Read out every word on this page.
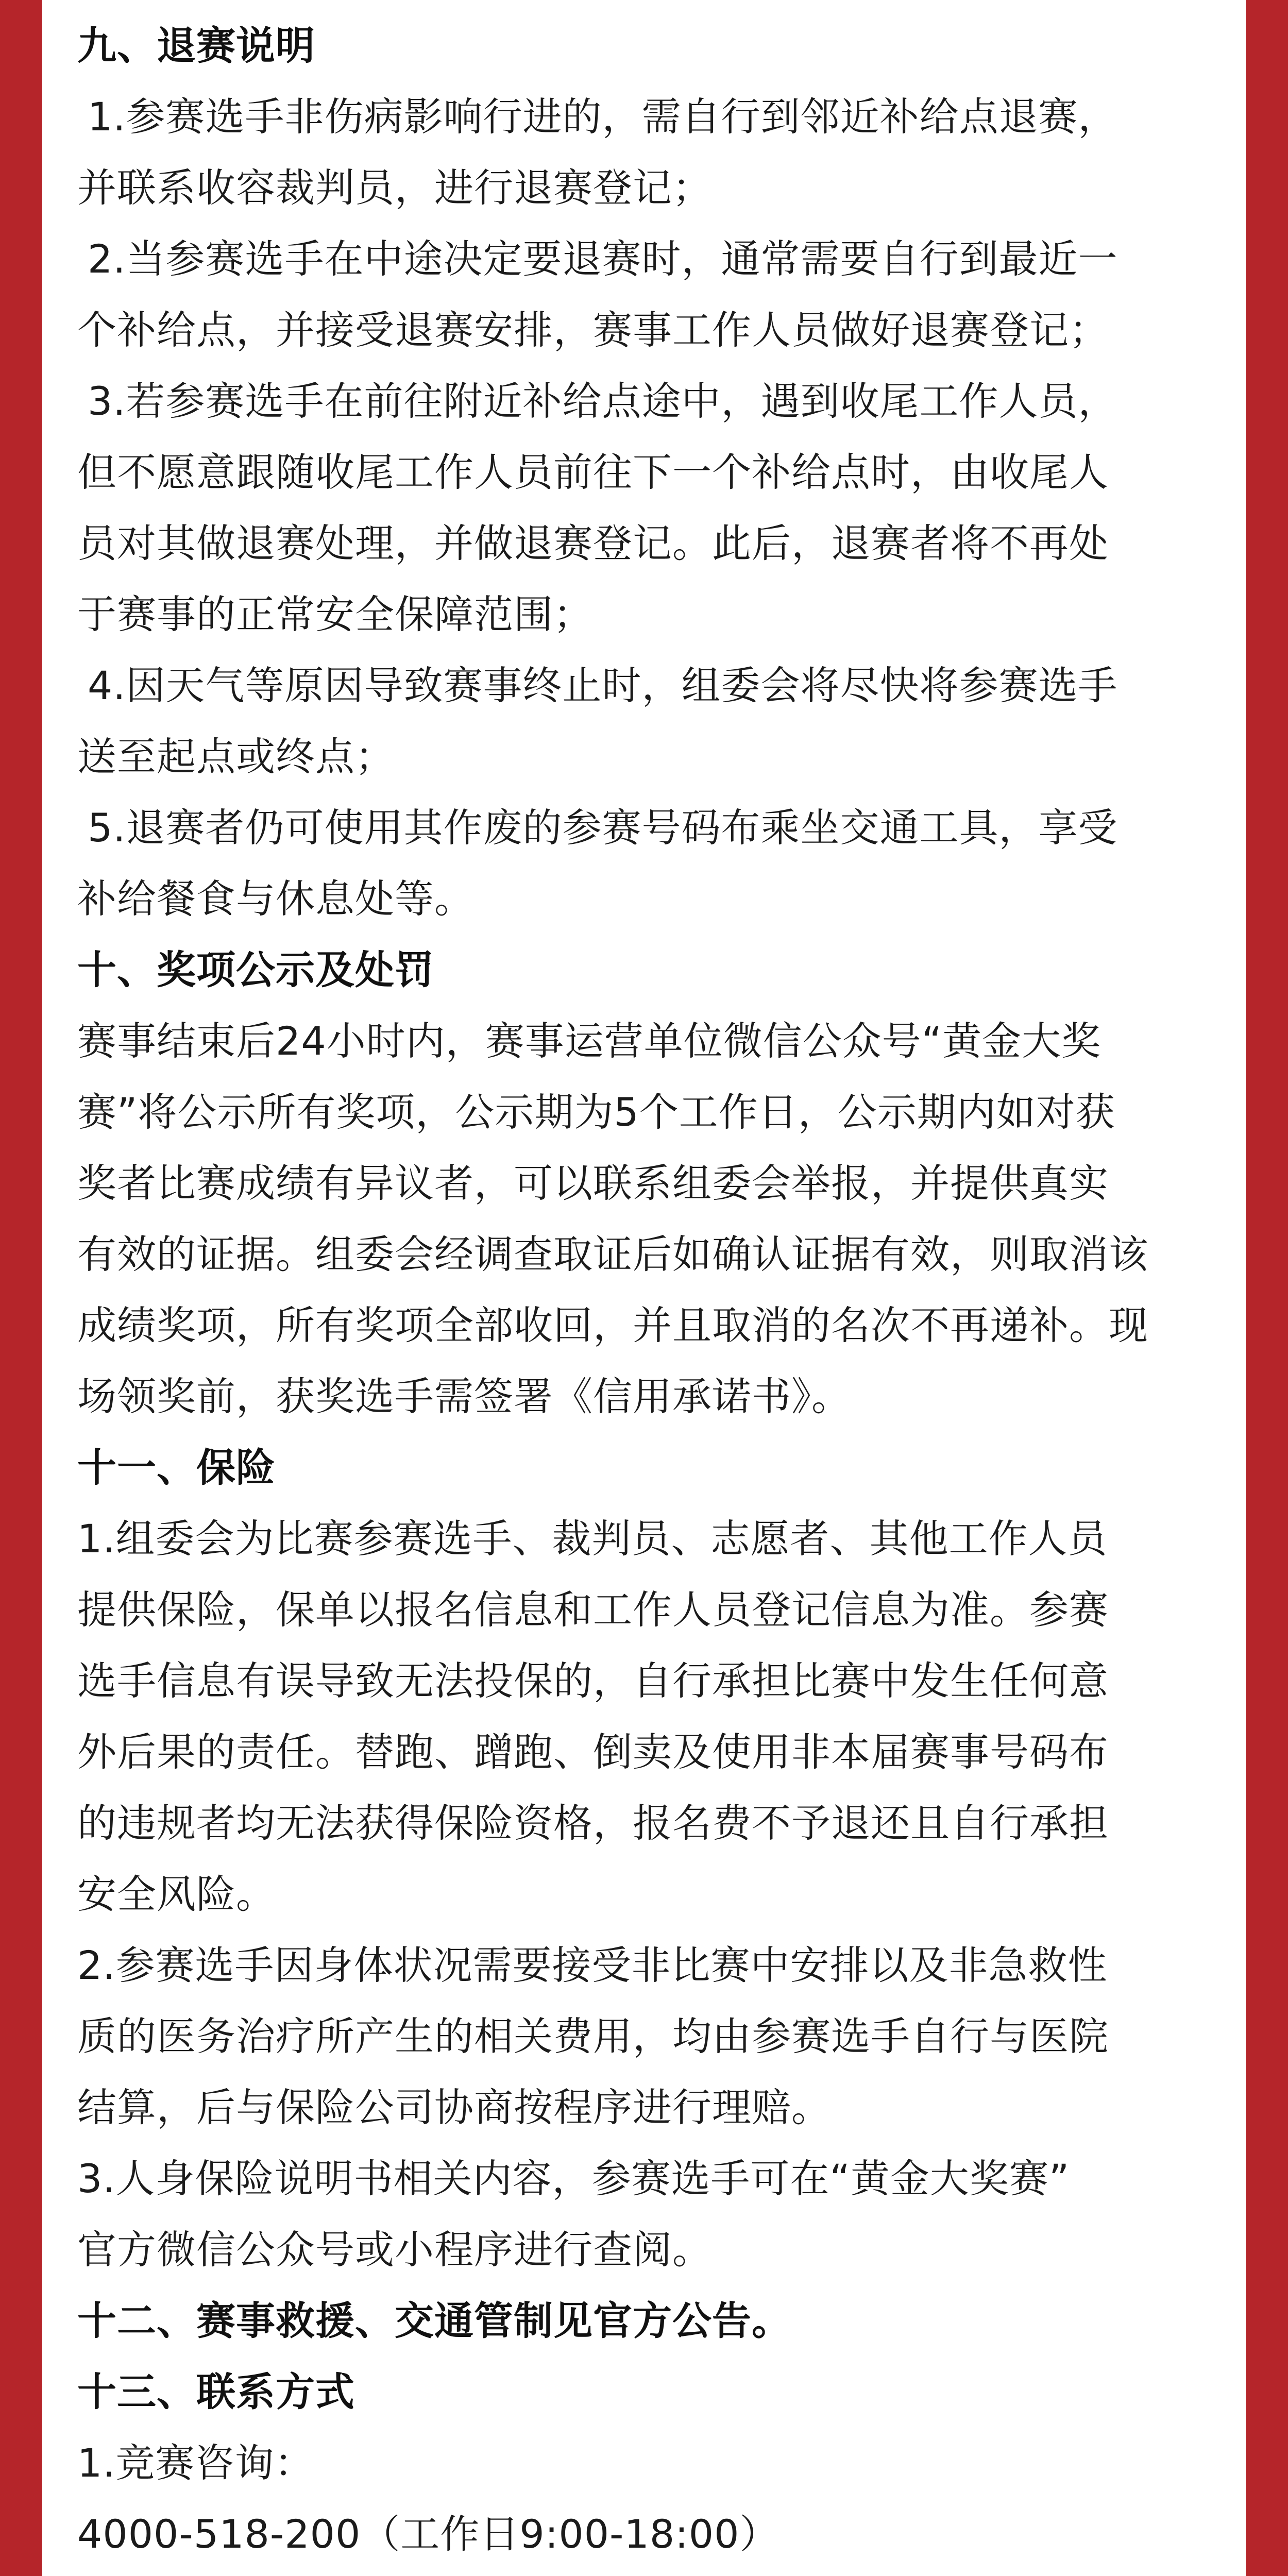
九、退赛说明
1.参赛选手非伤病影响行进的，需自行到邻近补给点退赛，
并联系收容裁判员，进行退赛登记；
2.当参赛选手在中途决定要退赛时，通常需要自行到最近一
个补给点，并接受退赛安排，赛事工作人员做好退赛登记；
3.若参赛选手在前往附近补给点途中，遇到收尾工作人员，
但不愿意跟随收尾工作人员前往下一个补给点时，由收尾人
员对其做退赛处理，并做退赛登记。此后，退赛者将不再处
于赛事的正常安全保障范围；
4.因天气等原因导致赛事终止时，组委会将尽快将参赛选手
送至起点或终点；
5.退赛者仍可使用其作废的参赛号码布乘坐交通工具，享受
补给餐食与休息处等。
十、奖项公示及处罚
赛事结束后24小时内，赛事运营单位微信公众号“黄金大奖
赛”将公示所有奖项，公示期为5个工作日，公示期内如对获
奖者比赛成绩有异议者，可以联系组委会举报，并提供真实
有效的证据。组委会经调查取证后如确认证据有效，则取消该
成绩奖项，所有奖项全部收回，并且取消的名次不再递补。现
场领奖前，获奖选手需签署《信用承诺书》。
十一、保险
1.组委会为比赛参赛选手、裁判员、志愿者、其他工作人员
提供保险，保单以报名信息和工作人员登记信息为准。参赛
选手信息有误导致无法投保的，自行承担比赛中发生任何意
外后果的责任。替跑、蹭跑、倒卖及使用非本届赛事号码布
的违规者均无法获得保险资格，报名费不予退还且自行承担
安全风险。
2.参赛选手因身体状况需要接受非比赛中安排以及非急救性
质的医务治疗所产生的相关费用，均由参赛选手自行与医院
结算，后与保险公司协商按程序进行理赔。
3.人身保险说明书相关内容，参赛选手可在“黄金大奖赛”
官方微信公众号或小程序进行查阅。
十二、赛事救援、交通管制见官方公告。
十三、联系方式
1.竞赛咨询：
4000-518-200（工作日9:00-18:00）
